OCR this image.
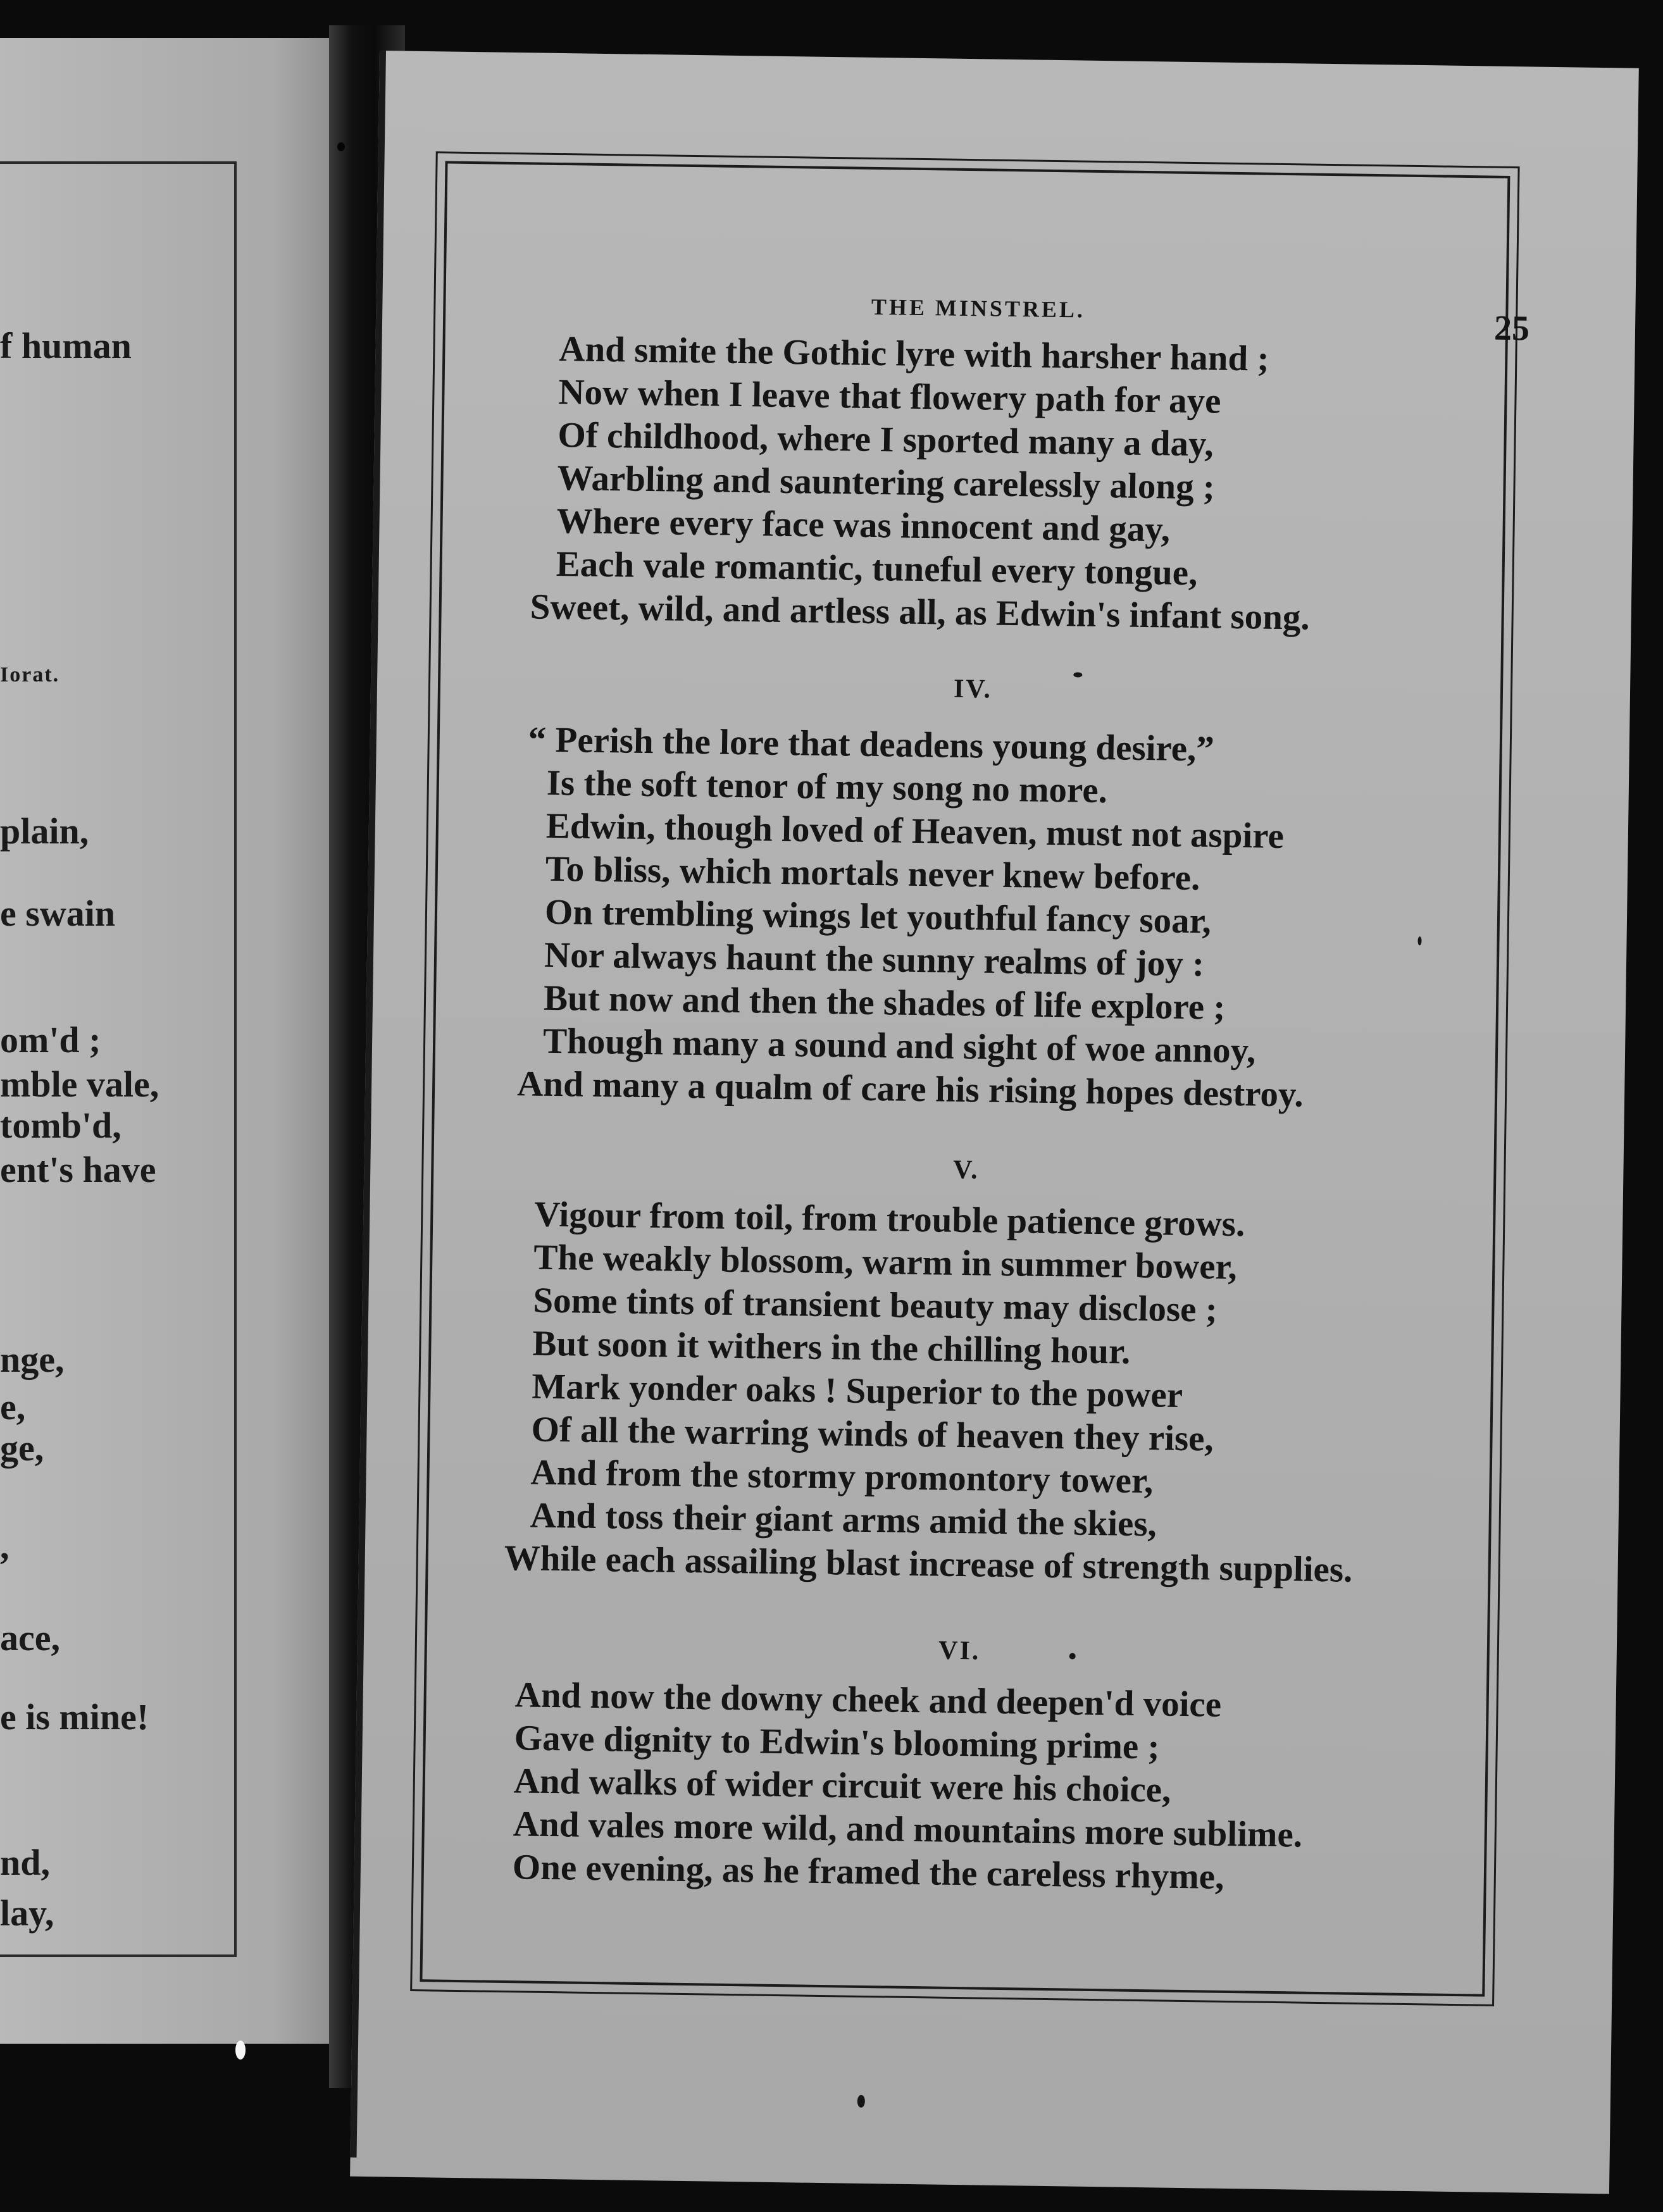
f human
Iorat.
plain,
e swain
om'd ;
mble vale,
tomb'd,
ent's have
nge,
e,
ge,
,
ace,
e is mine!
nd,
lay,
THE MINSTREL.
25
And smite the Gothic lyre with harsher hand ;
Now when I leave that flowery path for aye
Of childhood, where I sported many a day,
Warbling and sauntering carelessly along ;
Where every face was innocent and gay,
Each vale romantic, tuneful every tongue,
Sweet, wild, and artless all, as Edwin's infant song.
IV.
“ Perish the lore that deadens young desire,”
Is the soft tenor of my song no more.
Edwin, though loved of Heaven, must not aspire
To bliss, which mortals never knew before.
On trembling wings let youthful fancy soar,
Nor always haunt the sunny realms of joy :
But now and then the shades of life explore ;
Though many a sound and sight of woe annoy,
And many a qualm of care his rising hopes destroy.
V.
Vigour from toil, from trouble patience grows.
The weakly blossom, warm in summer bower,
Some tints of transient beauty may disclose ;
But soon it withers in the chilling hour.
Mark yonder oaks ! Superior to the power
Of all the warring winds of heaven they rise,
And from the stormy promontory tower,
And toss their giant arms amid the skies,
While each assailing blast increase of strength supplies.
VI.
And now the downy cheek and deepen'd voice
Gave dignity to Edwin's blooming prime ;
And walks of wider circuit were his choice,
And vales more wild, and mountains more sublime.
One evening, as he framed the careless rhyme,
